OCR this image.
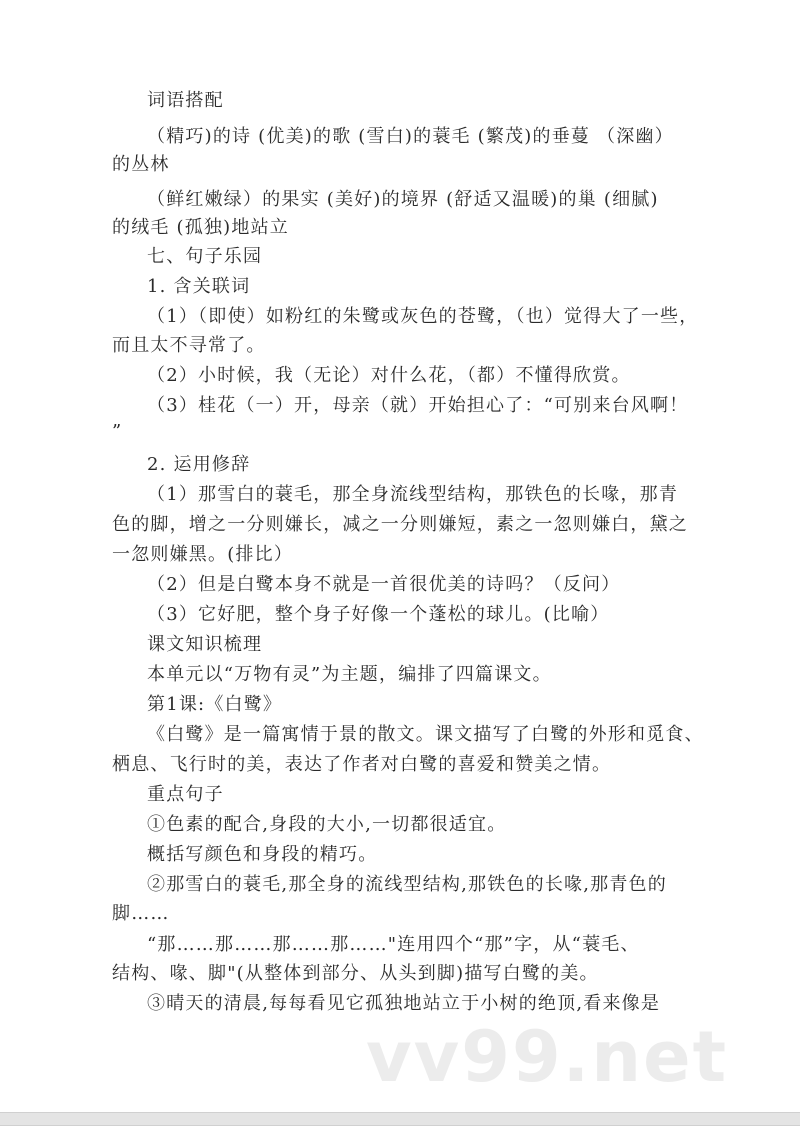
词语搭配
（精巧)的诗 (优美)的歌 (雪白)的蓑毛 (繁茂)的垂蔓 （深幽）
的丛林
（鲜红嫩绿）的果实 (美好)的境界 (舒适又温暖)的巢 (细腻)
的绒毛 (孤独)地站立
七、句子乐园
1. 含关联词
（1）（即使）如粉红的朱鹭或灰色的苍鹭，（也）觉得大了一些，
而且太不寻常了。
（2）小时候，我（无论）对什么花，（都）不懂得欣赏。
（3）桂花（一）开，母亲（就）开始担心了：“可别来台风啊！
”
2. 运用修辞
（1）那雪白的蓑毛，那全身流线型结构，那铁色的长喙，那青
色的脚，增之一分则嫌长，减之一分则嫌短，素之一忽则嫌白，黛之
一忽则嫌黑。(排比）
（2）但是白鹭本身不就是一首很优美的诗吗？（反问）
（3）它好肥，整个身子好像一个蓬松的球儿。(比喻）
课文知识梳理
本单元以“万物有灵”为主题，编排了四篇课文。
第1课:《白鹭》
《白鹭》是一篇寓情于景的散文。课文描写了白鹭的外形和觅食、
栖息、飞行时的美，表达了作者对白鹭的喜爱和赞美之情。
重点句子
①色素的配合,身段的大小,一切都很适宜。
概括写颜色和身段的精巧。
②那雪白的蓑毛,那全身的流线型结构,那铁色的长喙,那青色的
脚……
“那……那……那……那……"连用四个“那”字，从“蓑毛、
结构、喙、脚"(从整体到部分、从头到脚)描写白鹭的美。
③晴天的清晨,每每看见它孤独地站立于小树的绝顶,看来像是
vv99.net
